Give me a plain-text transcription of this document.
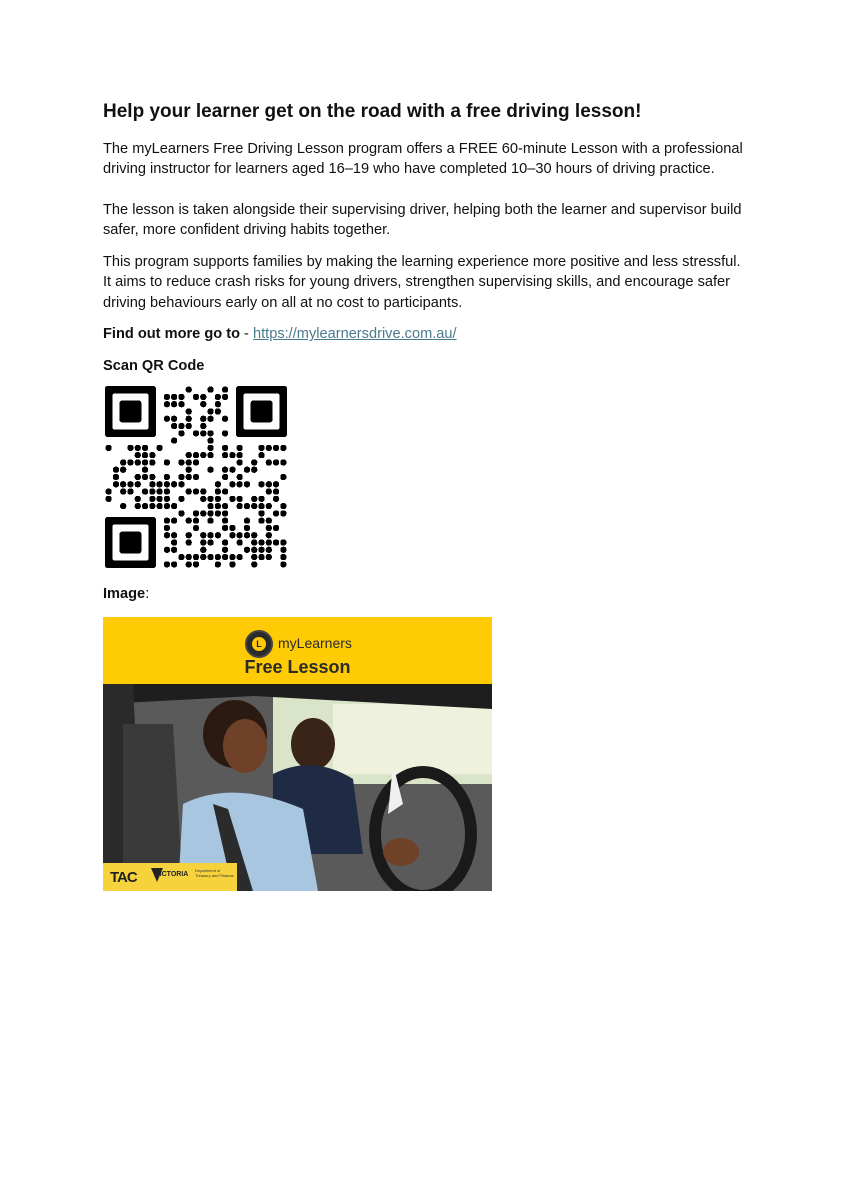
Help your learner get on the road with a free driving lesson!

The myLearners Free Driving Lesson program offers a FREE 60-minute Lesson with a professional driving instructor for learners aged 16–19 who have completed 10–30 hours of driving practice.

The lesson is taken alongside their supervising driver, helping both the learner and supervisor build safer, more confident driving habits together.

This program supports families by making the learning experience more positive and less stressful. It aims to reduce crash risks for young drivers, strengthen supervising skills, and encourage safer driving behaviours early on all at no cost to participants.

Find out more go to - https://mylearnersdrive.com.au/

Scan QR Code

Image:

L	myLearners
Free Lesson
TAC	VICTORIA
Department of Treasury and Finance
